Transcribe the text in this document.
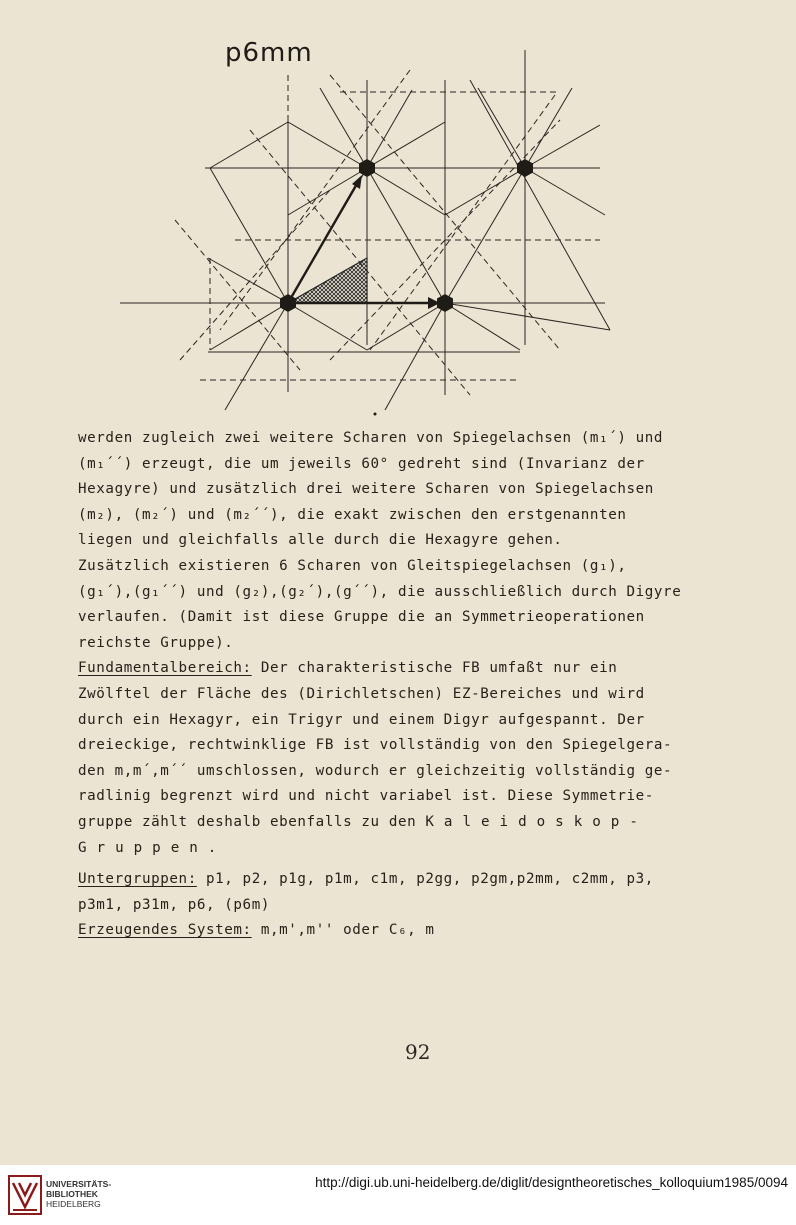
p6mm
werden zugleich zwei weitere Scharen von Spiegelachsen (m₁´) und
(m₁´´) erzeugt, die um jeweils 60° gedreht sind (Invarianz der
Hexagyre) und zusätzlich drei weitere Scharen von Spiegelachsen
(m₂), (m₂´) und (m₂´´), die exakt zwischen den erstgenannten
liegen und gleichfalls alle durch die Hexagyre gehen.
Zusätzlich existieren 6 Scharen von Gleitspiegelachsen (g₁),
(g₁´),(g₁´´) und (g₂),(g₂´),(g´´), die ausschließlich durch Digyre
verlaufen. (Damit ist diese Gruppe die an Symmetrieoperationen
reichste Gruppe).
Fundamentalbereich: Der charakteristische FB umfaßt nur ein
Zwölftel der Fläche des (Dirichletschen) EZ-Bereiches und wird
durch ein Hexagyr, ein Trigyr und einem Digyr aufgespannt. Der
dreieckige, rechtwinklige FB ist vollständig von den Spiegelgera-
den m,m´,m´´ umschlossen, wodurch er gleichzeitig vollständig ge-
radlinig begrenzt wird und nicht variabel ist. Diese Symmetrie-
gruppe zählt deshalb ebenfalls zu den Kaleidoskop-
Gruppen.
Untergruppen: p1, p2, p1g, p1m, c1m, p2gg, p2gm,p2mm, c2mm, p3,
p3m1, p31m, p6, (p6m)
Erzeugendes System: m,m',m'' oder C₆, m
92
UNIVERSITÄTS-
BIBLIOTHEK
HEIDELBERG
http://digi.ub.uni-heidelberg.de/diglit/designtheoretisches_kolloquium1985/0094
